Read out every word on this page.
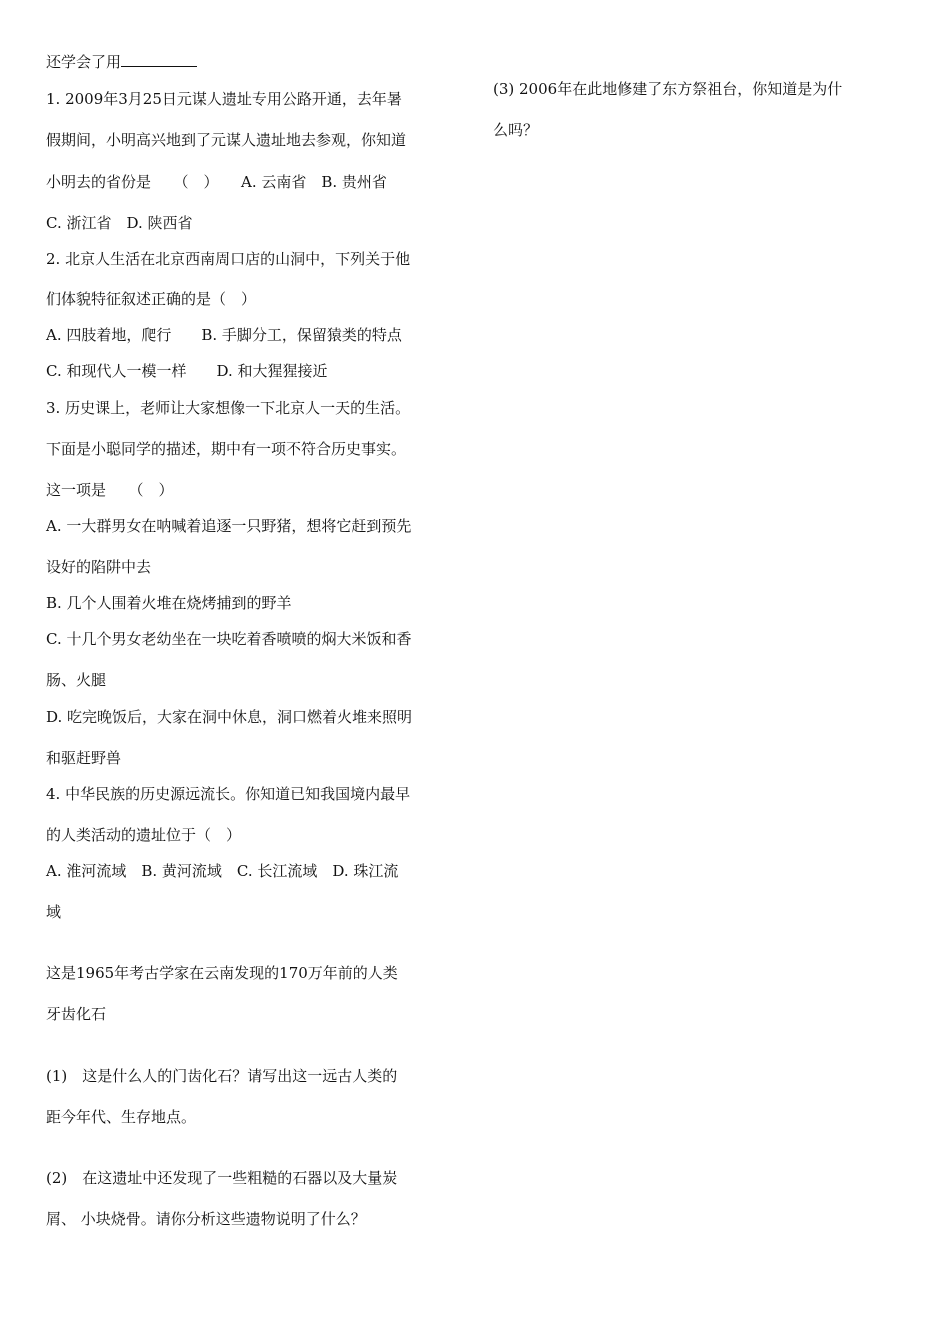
还学会了用
1. 2009年3月25日元谋人遗址专用公路开通，去年暑
假期间，小明高兴地到了元谋人遗址地去参观，你知道
小明去的省份是　　（　）　　A. 云南省　B. 贵州省
C. 浙江省　D. 陕西省
2. 北京人生活在北京西南周口店的山洞中，下列关于他
们体貌特征叙述正确的是（　）
A. 四肢着地，爬行　　B. 手脚分工，保留猿类的特点
C. 和现代人一模一样　　D. 和大猩猩接近
3. 历史课上，老师让大家想像一下北京人一天的生活。
下面是小聪同学的描述，期中有一项不符合历史事实。
这一项是　　（　）
A. 一大群男女在呐喊着追逐一只野猪，想将它赶到预先
设好的陷阱中去
B. 几个人围着火堆在烧烤捕到的野羊
C. 十几个男女老幼坐在一块吃着香喷喷的焖大米饭和香
肠、火腿
D. 吃完晚饭后，大家在洞中休息，洞口燃着火堆来照明
和驱赶野兽
4. 中华民族的历史源远流长。你知道已知我国境内最早
的人类活动的遗址位于（　）
A. 淮河流域　B. 黄河流域　C. 长江流域　D. 珠江流
域
这是1965年考古学家在云南发现的170万年前的人类
牙齿化石
(1)　这是什么人的门齿化石？请写出这一远古人类的
距今年代、生存地点。
(2)　在这遗址中还发现了一些粗糙的石器以及大量炭
屑、 小块烧骨。请你分析这些遗物说明了什么？
(3) 2006年在此地修建了东方祭祖台，你知道是为什
么吗？
